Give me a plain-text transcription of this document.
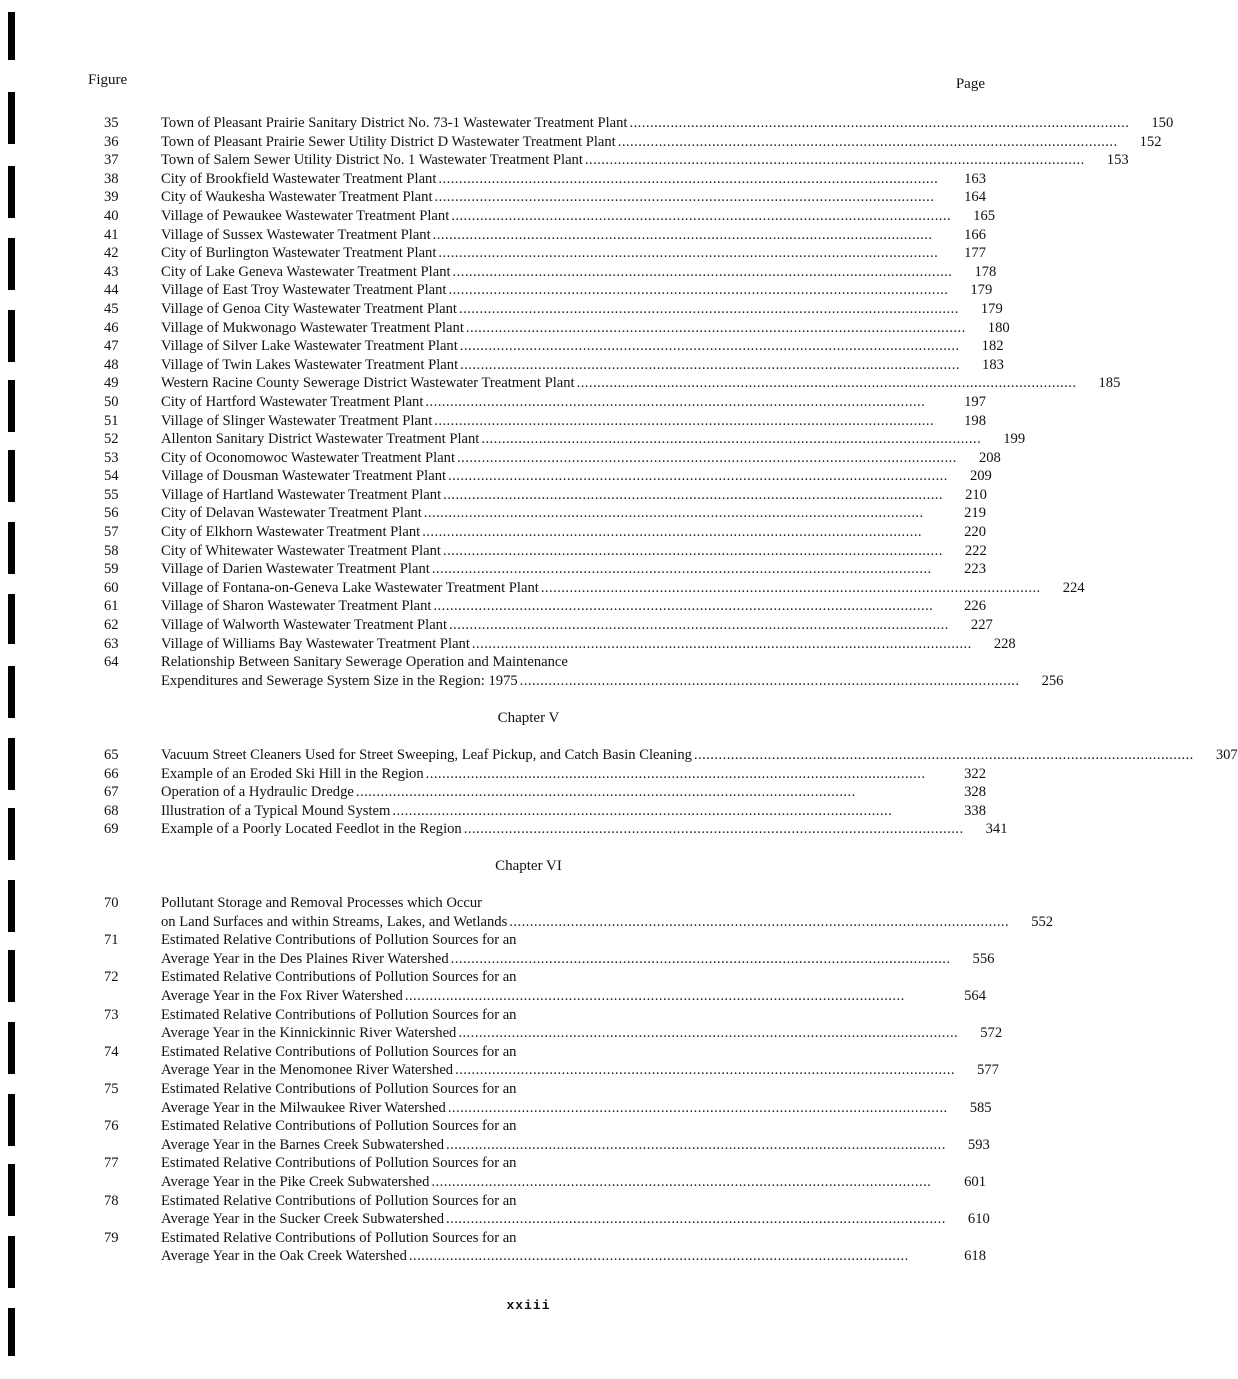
Figure	Page
35	Town of Pleasant Prairie Sanitary District No. 73-1 Wastewater Treatment Plant . . .	150
36	Town of Pleasant Prairie Sewer Utility District D Wastewater Treatment Plant . . .	152
37	Town of Salem Sewer Utility District No. 1 Wastewater Treatment Plant . . .	153
38	City of Brookfield Wastewater Treatment Plant . . .	163
39	City of Waukesha Wastewater Treatment Plant . . .	164
40	Village of Pewaukee Wastewater Treatment Plant . . .	165
41	Village of Sussex Wastewater Treatment Plant . . .	166
42	City of Burlington Wastewater Treatment Plant . . .	177
43	City of Lake Geneva Wastewater Treatment Plant . . .	178
44	Village of East Troy Wastewater Treatment Plant . . .	179
45	Village of Genoa City Wastewater Treatment Plant . . .	179
46	Village of Mukwonago Wastewater Treatment Plant . . .	180
47	Village of Silver Lake Wastewater Treatment Plant . . .	182
48	Village of Twin Lakes Wastewater Treatment Plant . . .	183
49	Western Racine County Sewerage District Wastewater Treatment Plant . . .	185
50	City of Hartford Wastewater Treatment Plant . . .	197
51	Village of Slinger Wastewater Treatment Plant . . .	198
52	Allenton Sanitary District Wastewater Treatment Plant . . .	199
53	City of Oconomowoc Wastewater Treatment Plant . . .	208
54	Village of Dousman Wastewater Treatment Plant . . .	209
55	Village of Hartland Wastewater Treatment Plant . . .	210
56	City of Delavan Wastewater Treatment Plant . . .	219
57	City of Elkhorn Wastewater Treatment Plant . . .	220
58	City of Whitewater Wastewater Treatment Plant . . .	222
59	Village of Darien Wastewater Treatment Plant . . .	223
60	Village of Fontana-on-Geneva Lake Wastewater Treatment Plant . . .	224
61	Village of Sharon Wastewater Treatment Plant . . .	226
62	Village of Walworth Wastewater Treatment Plant . . .	227
63	Village of Williams Bay Wastewater Treatment Plant . . .	228
64	Relationship Between Sanitary Sewerage Operation and Maintenance
Expenditures and Sewerage System Size in the Region: 1975 . . .	256
Chapter V
65	Vacuum Street Cleaners Used for Street Sweeping, Leaf Pickup, and Catch Basin Cleaning . . .	307
66	Example of an Eroded Ski Hill in the Region . . .	322
67	Operation of a Hydraulic Dredge . . .	328
68	Illustration of a Typical Mound System . . .	338
69	Example of a Poorly Located Feedlot in the Region . . .	341
Chapter VI
70	Pollutant Storage and Removal Processes which Occur
on Land Surfaces and within Streams, Lakes, and Wetlands . . .	552
71	Estimated Relative Contributions of Pollution Sources for an
Average Year in the Des Plaines River Watershed . . .	556
72	Estimated Relative Contributions of Pollution Sources for an
Average Year in the Fox River Watershed . . .	564
73	Estimated Relative Contributions of Pollution Sources for an
Average Year in the Kinnickinnic River Watershed . . .	572
74	Estimated Relative Contributions of Pollution Sources for an
Average Year in the Menomonee River Watershed . . .	577
75	Estimated Relative Contributions of Pollution Sources for an
Average Year in the Milwaukee River Watershed . . .	585
76	Estimated Relative Contributions of Pollution Sources for an
Average Year in the Barnes Creek Subwatershed . . .	593
77	Estimated Relative Contributions of Pollution Sources for an
Average Year in the Pike Creek Subwatershed . . .	601
78	Estimated Relative Contributions of Pollution Sources for an
Average Year in the Sucker Creek Subwatershed . . .	610
79	Estimated Relative Contributions of Pollution Sources for an
Average Year in the Oak Creek Watershed . . .	618
xxiii
